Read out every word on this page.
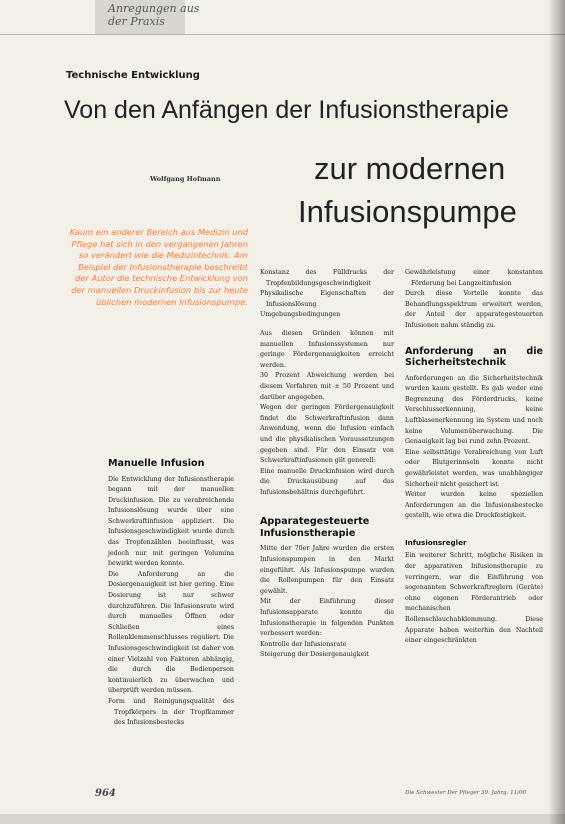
Anregungen aus
der Praxis
Technische Entwicklung
Von den Anfängen der Infusionstherapie
zur modernen
Infusionspumpe
Wolfgang Hofmann

Kaum ein anderer Bereich aus Medizin und Pflege hat sich in den vergangenen Jahren so verändert wie die Medizintechnik. Am Beispiel der Infusionstherapie beschreibt der Autor die technische Entwicklung von der manuellen Druckinfusion bis zur heute üblichen modernen Infusionspumpe.

Manuelle Infusion

Die Entwicklung der Infusionstherapie begann mit der manuellen Druckinfusion. Die zu verabreichende Infusionslösung wurde über eine Schwerkraftinfusion appliziert. Die Infusionsgeschwindigkeit wurde durch das Tropfenzählen beeinflusst, was jedoch nur mit geringen Volumina bewirkt werden konnte.

Die Anforderung an die Dosiergenauigkeit ist hier gering. Eine Dosierung ist nur schwer durchzuführen. Die Infusionsrate wird durch manuelles Öffnen oder Schließen eines Rollenklemmenschlusses reguliert. Die Infusionsgeschwindigkeit ist daher von einer Vielzahl von Faktoren abhängig, die durch die Bedienperson kontinuierlich zu überwachen und überprüft werden müssen.

Form und Reinigungsqualität des Tropfkörpers in der Tropfkammer des Infusionsbestecks

Konstanz des Fülldrucks der Tropfenbildungsgeschwindigkeit

Physikalische Eigenschaften der Infusionslösung

Umgebungsbedingungen

Aus diesen Gründen können mit manuellen Infusionssystemen nur geringe Fördergenauigkeiten erreicht werden.

30 Prozent Abweichung werden bei diesem Verfahren mit ± 50 Prozent und darüber angegeben.

Wegen der geringen Fördergenauigkeit findet die Schwerkraftinfusion dann Anwendung, wenn die Infusion einfach und die physikalischen Voraussetzungen gegeben sind. Für den Einsatz von Schwerkraftinfusionen gilt generell:

Eine manuelle Druckinfusion wird durch die Druckausübung auf das Infusionsbehältnis durchgeführt.

Apparategesteuerte Infusionstherapie

Mitte der 70er Jahre wurden die ersten Infusionspumpen in den Markt eingeführt. Als Infusionspumpe wurden die Rollenpumpen für den Einsatz gewählt.

Mit der Einführung dieser Infusionsapparate konnte die Infusionstherapie in folgenden Punkten verbessert werden:

Kontrolle der Infusionsrate

Steigerung der Dosiergenauigkeit

Gewährleistung einer konstanten Förderung bei Langzeitinfusion

Durch diese Vorteile konnte das Behandlungsspektrum erweitert werden, der Anteil der apparategesteuerten Infusionen nahm ständig zu.

Anforderung an die Sicherheitstechnik

Anforderungen an die Sicherheitstechnik wurden kaum gestellt. Es gab weder eine Begrenzung des Förderdrucks, keine Verschlusserkennung, keine Luftblasenerkennung im System und noch keine Volumenüberwachung. Die Genauigkeit lag bei rund zehn Prozent.

Eine selbsttätige Verabreichung von Luft oder Blutgerinnseln konnte nicht gewährleistet werden, was unabhängiger Sicherheit nicht gesichert ist.

Weiter wurden keine speziellen Anforderungen an die Infusionsbestecke gestellt, wie etwa die Druckfestigkeit.

Infusionsregler

Ein weiterer Schritt, mögliche Risiken in der apparativen Infusionstherapie zu verringern, war die Einführung von sogenannten Schwerkraftreglern (Geräte) ohne eigenen Förderantrieb oder mechanischen Rollenschlauchabklemmung. Diese Apparate haben weiterhin den Nachteil einer eingeschränkten

964	Die Schwester Der Pfleger 39. Jahrg. 11/00
